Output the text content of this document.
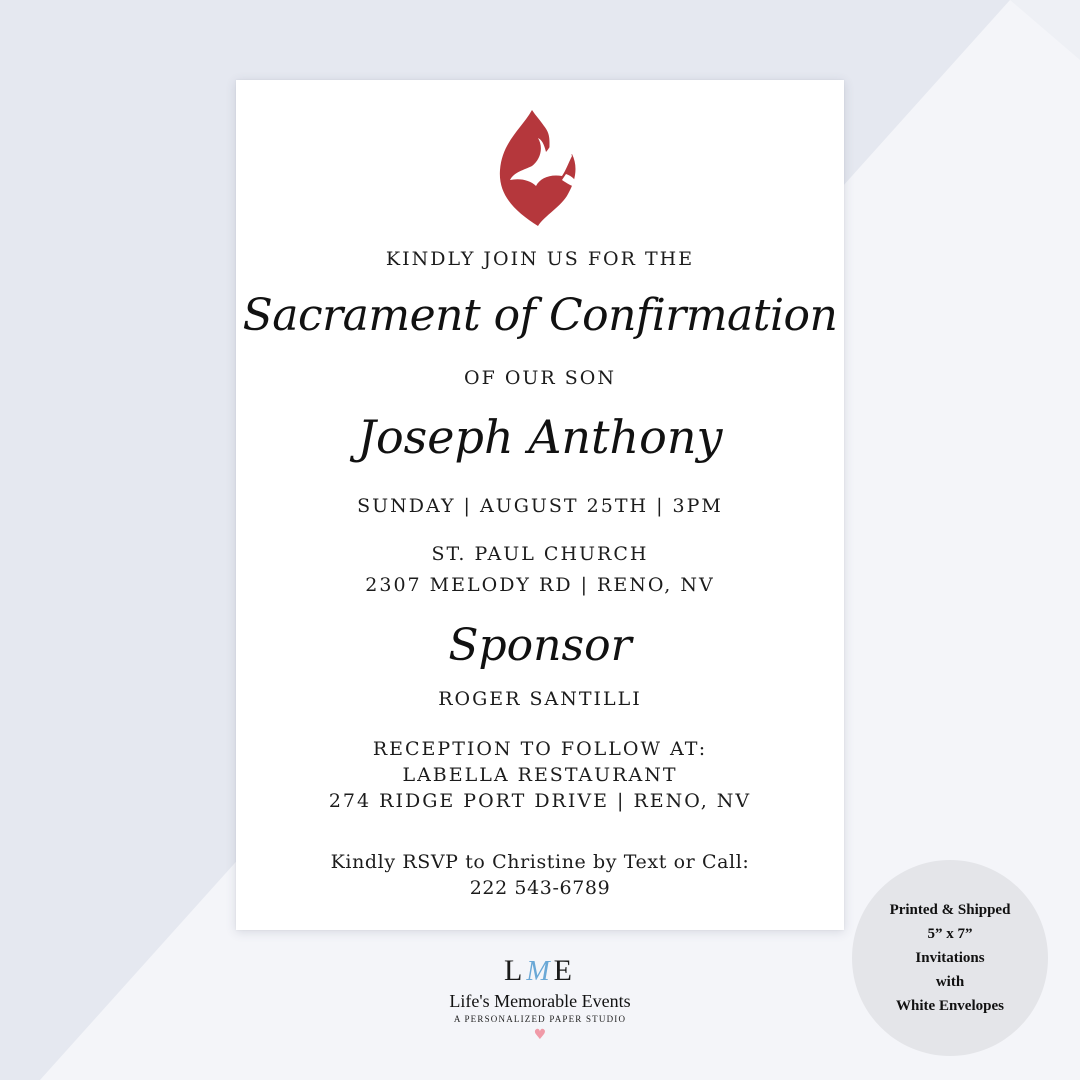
KINDLY JOIN US FOR THE
Sacrament of Confirmation
OF OUR SON
Joseph Anthony
SUNDAY | AUGUST 25TH | 3PM
ST. PAUL CHURCH
2307 MELODY RD | RENO, NV
Sponsor
ROGER SANTILLI
RECEPTION TO FOLLOW AT:
LABELLA RESTAURANT
274 RIDGE PORT DRIVE | RENO, NV
Kindly RSVP to Christine by Text or Call:
222 543-6789
LME
Life's Memorable Events
A PERSONALIZED PAPER STUDIO
♥
Printed & Shipped
5” x 7”
Invitations
with
White Envelopes
